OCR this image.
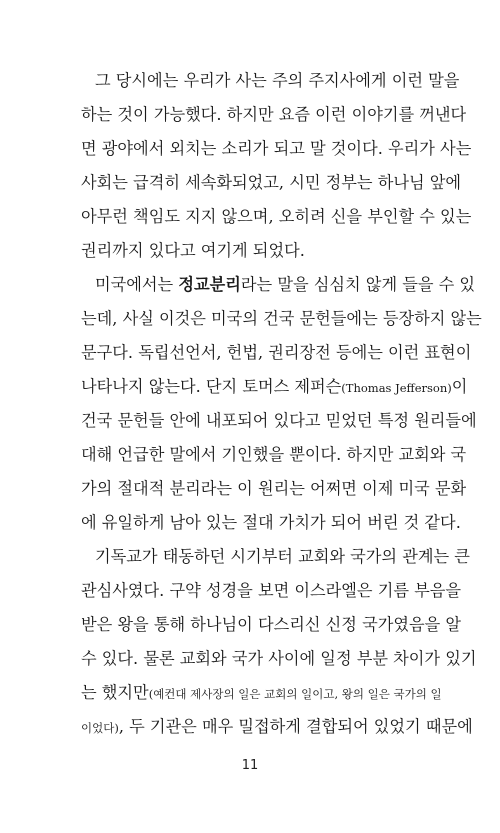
그 당시에는 우리가 사는 주의 주지사에게 이런 말을
하는 것이 가능했다. 하지만 요즘 이런 이야기를 꺼낸다
면 광야에서 외치는 소리가 되고 말 것이다. 우리가 사는
사회는 급격히 세속화되었고, 시민 정부는 하나님 앞에
아무런 책임도 지지 않으며, 오히려 신을 부인할 수 있는
권리까지 있다고 여기게 되었다.
미국에서는 정교분리라는 말을 심심치 않게 들을 수 있
는데, 사실 이것은 미국의 건국 문헌들에는 등장하지 않는
문구다. 독립선언서, 헌법, 권리장전 등에는 이런 표현이
나타나지 않는다. 단지 토머스 제퍼슨(Thomas Jefferson)이
건국 문헌들 안에 내포되어 있다고 믿었던 특정 원리들에
대해 언급한 말에서 기인했을 뿐이다. 하지만 교회와 국
가의 절대적 분리라는 이 원리는 어쩌면 이제 미국 문화
에 유일하게 남아 있는 절대 가치가 되어 버린 것 같다.
기독교가 태동하던 시기부터 교회와 국가의 관계는 큰
관심사였다. 구약 성경을 보면 이스라엘은 기름 부음을
받은 왕을 통해 하나님이 다스리신 신정 국가였음을 알
수 있다. 물론 교회와 국가 사이에 일정 부분 차이가 있기
는 했지만(예컨대 제사장의 일은 교회의 일이고, 왕의 일은 국가의 일
이었다), 두 기관은 매우 밀접하게 결합되어 있었기 때문에
11
